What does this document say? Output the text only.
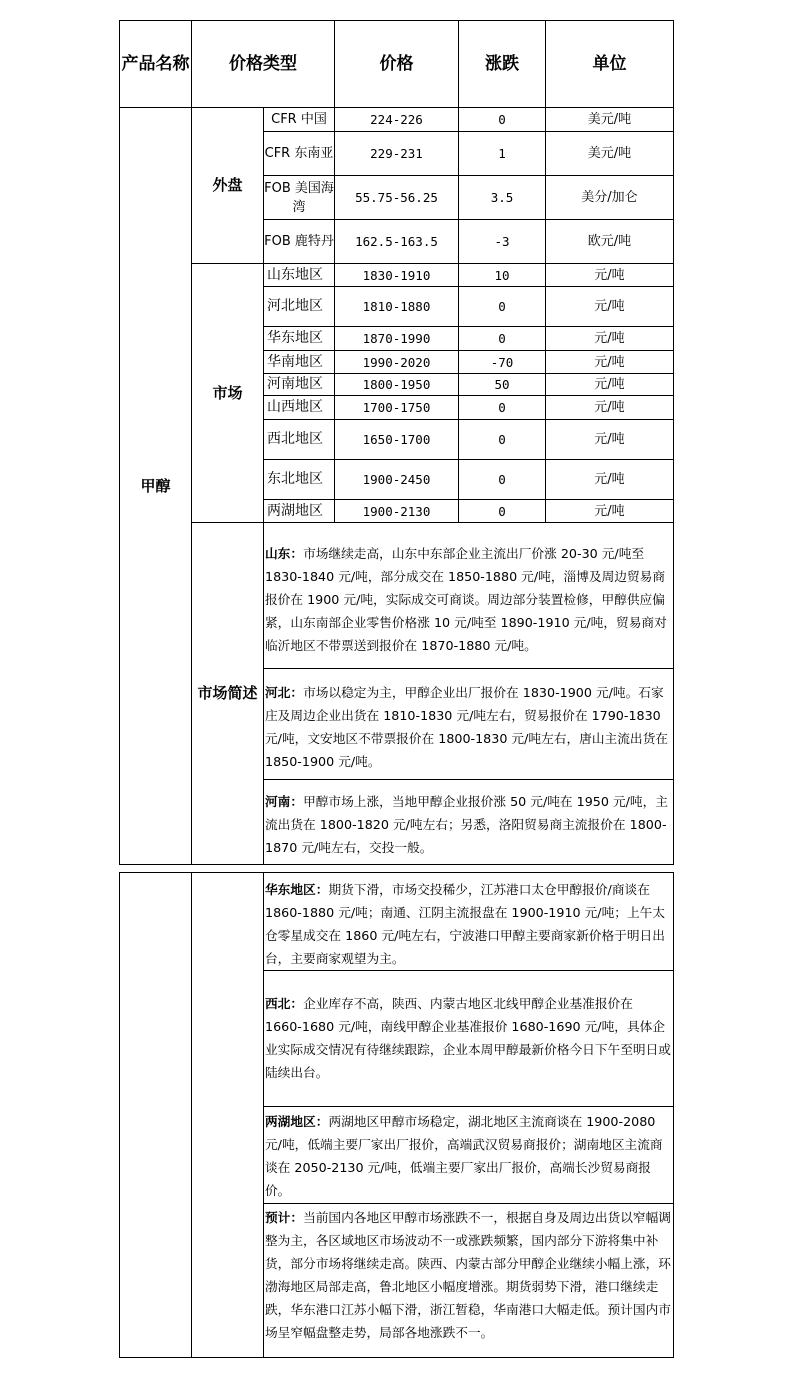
产品名称	价格类型		价格	涨跌	单位
甲醇	外盘	CFR 中国	224-226	0	美元/吨
		CFR 东南亚	229-231	1	美元/吨
		FOB 美国海湾	55.75-56.25	3.5	美分/加仑
		FOB 鹿特丹	162.5-163.5	-3	欧元/吨
	市场	山东地区	1830-1910	10	元/吨
		河北地区	1810-1880	0	元/吨
		华东地区	1870-1990	0	元/吨
		华南地区	1990-2020	-70	元/吨
		河南地区	1800-1950	50	元/吨
		山西地区	1700-1750	0	元/吨
		西北地区	1650-1700	0	元/吨
		东北地区	1900-2450	0	元/吨
		两湖地区	1900-2130	0	元/吨
	市场简述	山东：市场继续走高，山东中东部企业主流出厂价涨 20-30 元/吨至 1830-1840 元/吨，部分成交在 1850-1880 元/吨，淄博及周边贸易商报价在 1900 元/吨，实际成交可商谈。周边部分装置检修，甲醇供应偏紧，山东南部企业零售价格涨 10 元/吨至 1890-1910 元/吨，贸易商对临沂地区不带票送到报价在 1870-1880 元/吨。			
		河北：市场以稳定为主，甲醇企业出厂报价在 1830-1900 元/吨。石家庄及周边企业出货在 1810-1830 元/吨左右，贸易报价在 1790-1830 元/吨，文安地区不带票报价在 1800-1830 元/吨左右，唐山主流出货在 1850-1900 元/吨。			
		河南：甲醇市场上涨，当地甲醇企业报价涨 50 元/吨在 1950 元/吨，主流出货在 1800-1820 元/吨左右；另悉，洛阳贸易商主流报价在 1800-1870 元/吨左右，交投一般。			
		华东地区：期货下滑，市场交投稀少，江苏港口太仓甲醇报价/商谈在 1860-1880 元/吨；南通、江阴主流报盘在 1900-1910 元/吨；上午太仓零星成交在 1860 元/吨左右，宁波港口甲醇主要商家新价格于明日出台，主要商家观望为主。
西北：企业库存不高，陕西、内蒙古地区北线甲醇企业基准报价在 1660-1680 元/吨，南线甲醇企业基准报价 1680-1690 元/吨，具体企业实际成交情况有待继续跟踪，企业本周甲醇最新价格今日下午至明日或陆续出台。
两湖地区：两湖地区甲醇市场稳定，湖北地区主流商谈在 1900-2080 元/吨，低端主要厂家出厂报价，高端武汉贸易商报价；湖南地区主流商谈在 2050-2130 元/吨，低端主要厂家出厂报价，高端长沙贸易商报价。
预计：当前国内各地区甲醇市场涨跌不一，根据自身及周边出货以窄幅调整为主，各区域地区市场波动不一或涨跌频繁，国内部分下游将集中补货，部分市场将继续走高。陕西、内蒙古部分甲醇企业继续小幅上涨，环渤海地区局部走高，鲁北地区小幅度增涨。期货弱势下滑，港口继续走跌，华东港口江苏小幅下滑，浙江暂稳，华南港口大幅走低。预计国内市场呈窄幅盘整走势，局部各地涨跌不一。
